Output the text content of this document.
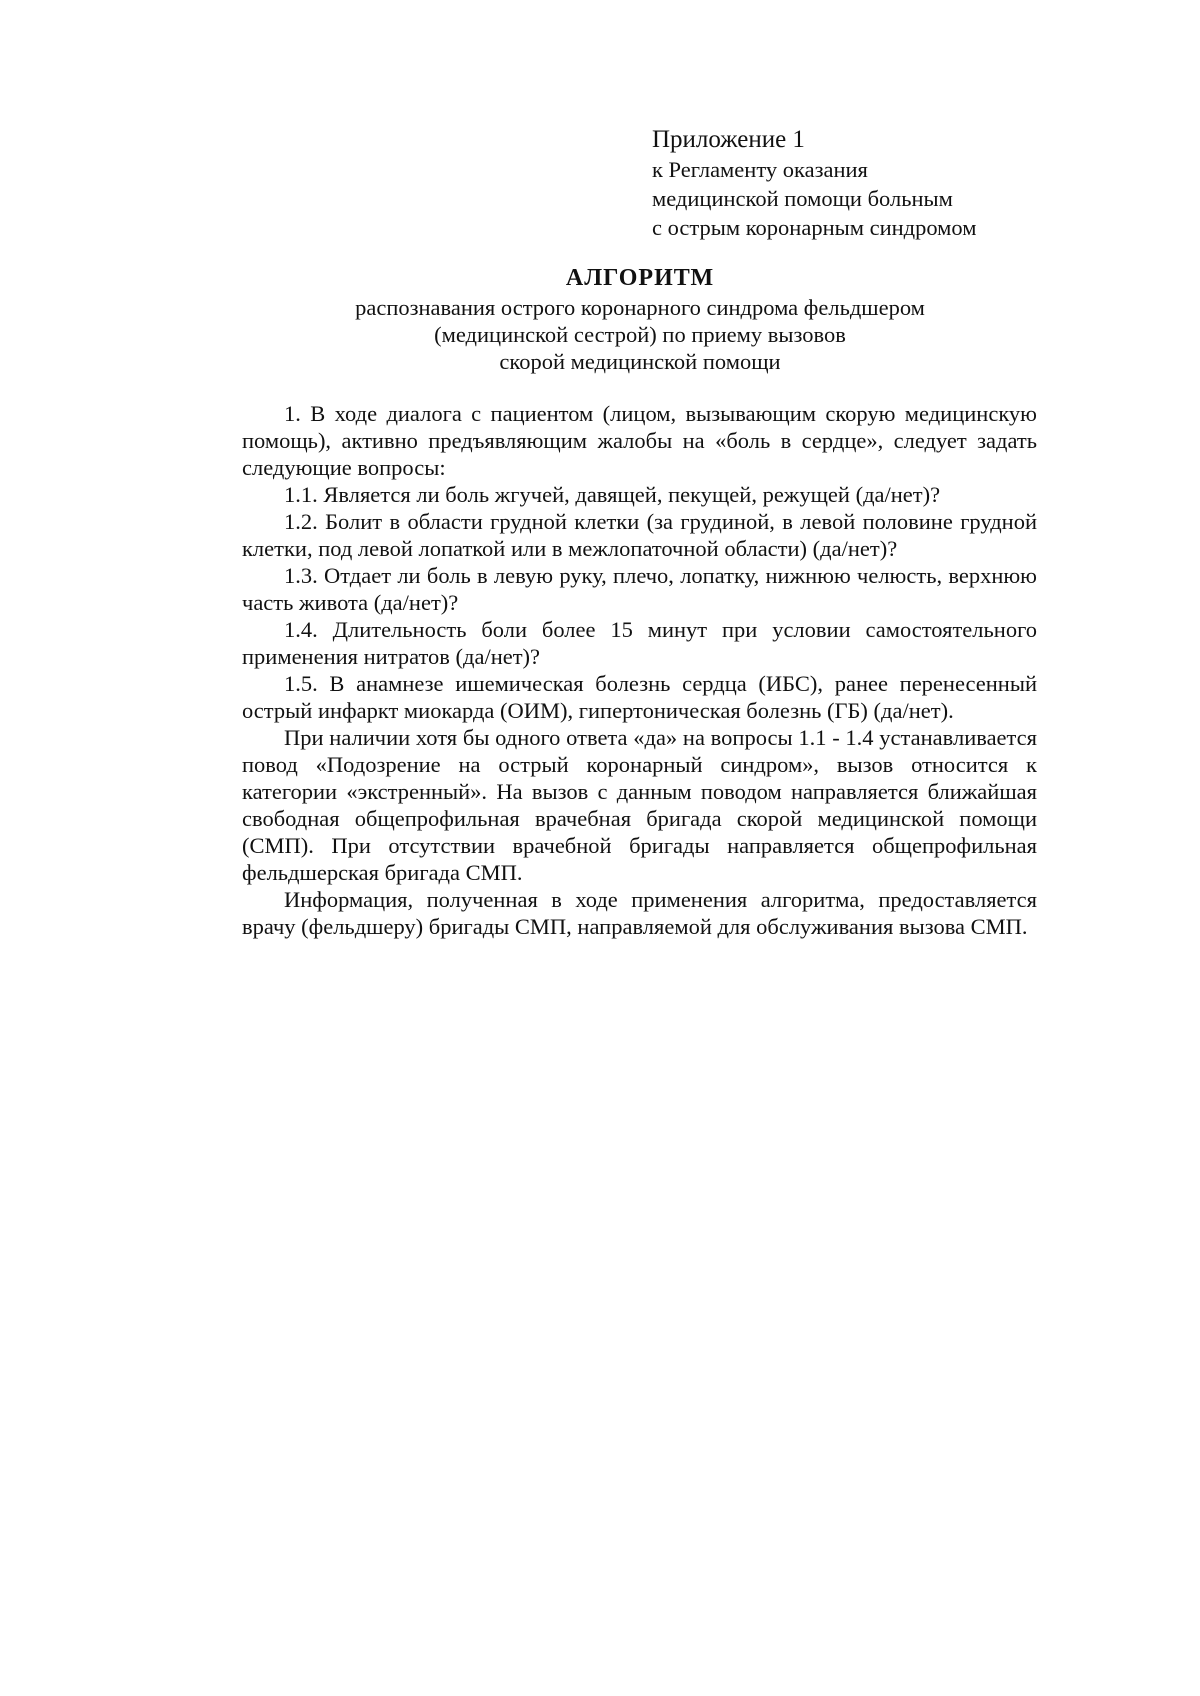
Приложение 1
к Регламенту оказания
медицинской помощи больным
с острым коронарным синдромом
АЛГОРИТМ
распознавания острого коронарного синдрома фельдшером
(медицинской сестрой) по приему вызовов
скорой медицинской помощи

1. В ходе диалога с пациентом (лицом, вызывающим скорую медицинскую помощь), активно предъявляющим жалобы на «боль в сердце», следует задать следующие вопросы:

1.1. Является ли боль жгучей, давящей, пекущей, режущей (да/нет)?

1.2. Болит в области грудной клетки (за грудиной, в левой половине грудной клетки, под левой лопаткой или в межлопаточной области) (да/нет)?

1.3. Отдает ли боль в левую руку, плечо, лопатку, нижнюю челюсть, верхнюю часть живота (да/нет)?

1.4. Длительность боли более 15 минут при условии самостоятельного применения нитратов (да/нет)?

1.5. В анамнезе ишемическая болезнь сердца (ИБС), ранее перенесенный острый инфаркт миокарда (ОИМ), гипертоническая болезнь (ГБ) (да/нет).

При наличии хотя бы одного ответа «да» на вопросы 1.1 - 1.4 устанавливается повод «Подозрение на острый коронарный синдром», вызов относится к категории «экстренный». На вызов с данным поводом направляется ближайшая свободная общепрофильная врачебная бригада скорой медицинской помощи (СМП). При отсутствии врачебной бригады направляется общепрофильная фельдшерская бригада СМП.

Информация, полученная в ходе применения алгоритма, предоставляется врачу (фельдшеру) бригады СМП, направляемой для обслуживания вызова СМП.
